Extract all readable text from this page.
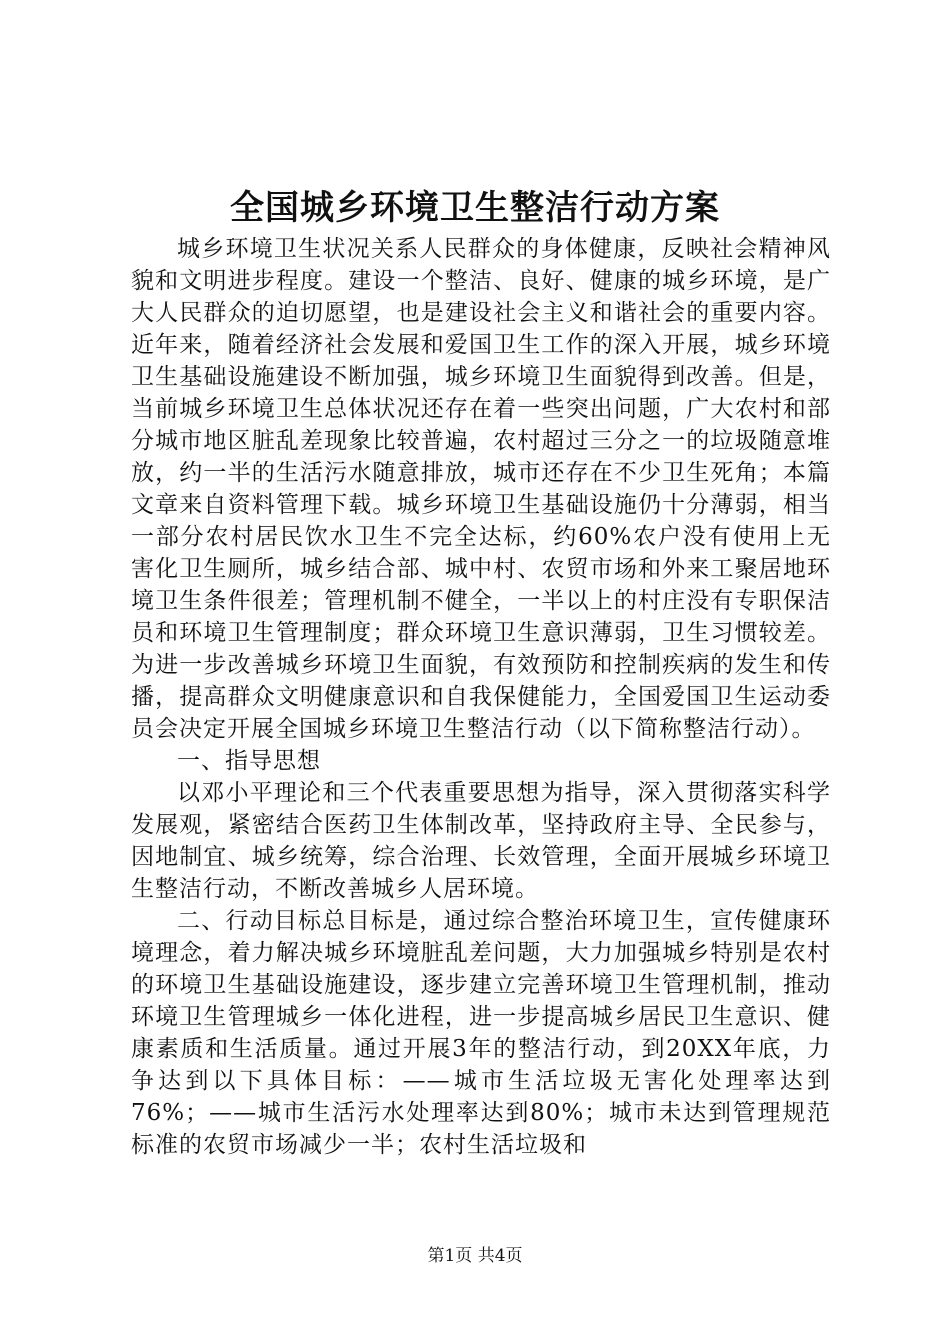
全国城乡环境卫生整洁行动方案

城乡环境卫生状况关系人民群众的身体健康，反映社会精神风貌和文明进步程度。建设一个整洁、良好、健康的城乡环境，是广大人民群众的迫切愿望，也是建设社会主义和谐社会的重要内容。近年来，随着经济社会发展和爱国卫生工作的深入开展，城乡环境卫生基础设施建设不断加强，城乡环境卫生面貌得到改善。但是，当前城乡环境卫生总体状况还存在着一些突出问题，广大农村和部分城市地区脏乱差现象比较普遍，农村超过三分之一的垃圾随意堆放，约一半的生活污水随意排放，城市还存在不少卫生死角；本篇文章来自资料管理下载。城乡环境卫生基础设施仍十分薄弱，相当一部分农村居民饮水卫生不完全达标，约60%农户没有使用上无害化卫生厕所，城乡结合部、城中村、农贸市场和外来工聚居地环境卫生条件很差；管理机制不健全，一半以上的村庄没有专职保洁员和环境卫生管理制度；群众环境卫生意识薄弱，卫生习惯较差。为进一步改善城乡环境卫生面貌，有效预防和控制疾病的发生和传播，提高群众文明健康意识和自我保健能力，全国爱国卫生运动委员会决定开展全国城乡环境卫生整洁行动（以下简称整洁行动）。

一、指导思想

以邓小平理论和三个代表重要思想为指导，深入贯彻落实科学发展观，紧密结合医药卫生体制改革，坚持政府主导、全民参与，因地制宜、城乡统筹，综合治理、长效管理，全面开展城乡环境卫生整洁行动，不断改善城乡人居环境。

二、行动目标总目标是，通过综合整治环境卫生，宣传健康环境理念，着力解决城乡环境脏乱差问题，大力加强城乡特别是农村的环境卫生基础设施建设，逐步建立完善环境卫生管理机制，推动环境卫生管理城乡一体化进程，进一步提高城乡居民卫生意识、健康素质和生活质量。通过开展3年的整洁行动，到20XX年底，力争达到以下具体目标：——城市生活垃圾无害化处理率达到76%；——城市生活污水处理率达到80%；城市未达到管理规范标准的农贸市场减少一半；农村生活垃圾和

第1页 共4页
